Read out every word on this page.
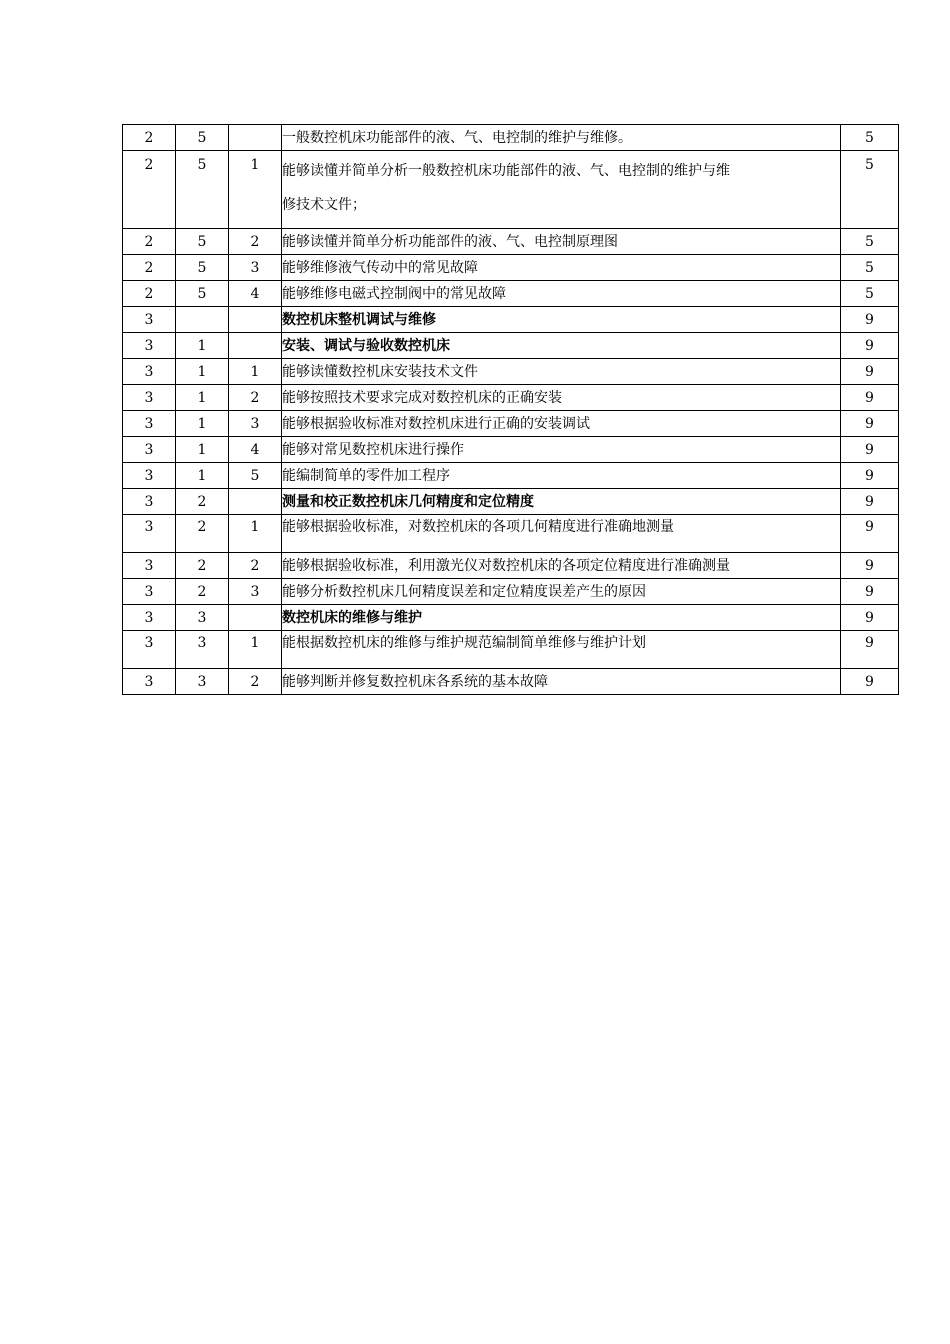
2	5		一般数控机床功能部件的液、气、电控制的维护与维修。	5
2	5	1	能够读懂并简单分析一般数控机床功能部件的液、气、电控制的维护与维
修技术文件；	5
2	5	2	能够读懂并简单分析功能部件的液、气、电控制原理图	5
2	5	3	能够维修液气传动中的常见故障	5
2	5	4	能够维修电磁式控制阀中的常见故障	5
3			数控机床整机调试与维修	9
3	1		安装、调试与验收数控机床	9
3	1	1	能够读懂数控机床安装技术文件	9
3	1	2	能够按照技术要求完成对数控机床的正确安装	9
3	1	3	能够根据验收标准对数控机床进行正确的安装调试	9
3	1	4	能够对常见数控机床进行操作	9
3	1	5	能编制简单的零件加工程序	9
3	2		测量和校正数控机床几何精度和定位精度	9
3	2	1	能够根据验收标准，对数控机床的各项几何精度进行准确地测量	9
3	2	2	能够根据验收标准，利用激光仪对数控机床的各项定位精度进行准确测量	9
3	2	3	能够分析数控机床几何精度误差和定位精度误差产生的原因	9
3	3		数控机床的维修与维护	9
3	3	1	能根据数控机床的维修与维护规范编制简单维修与维护计划	9
3	3	2	能够判断并修复数控机床各系统的基本故障	9
